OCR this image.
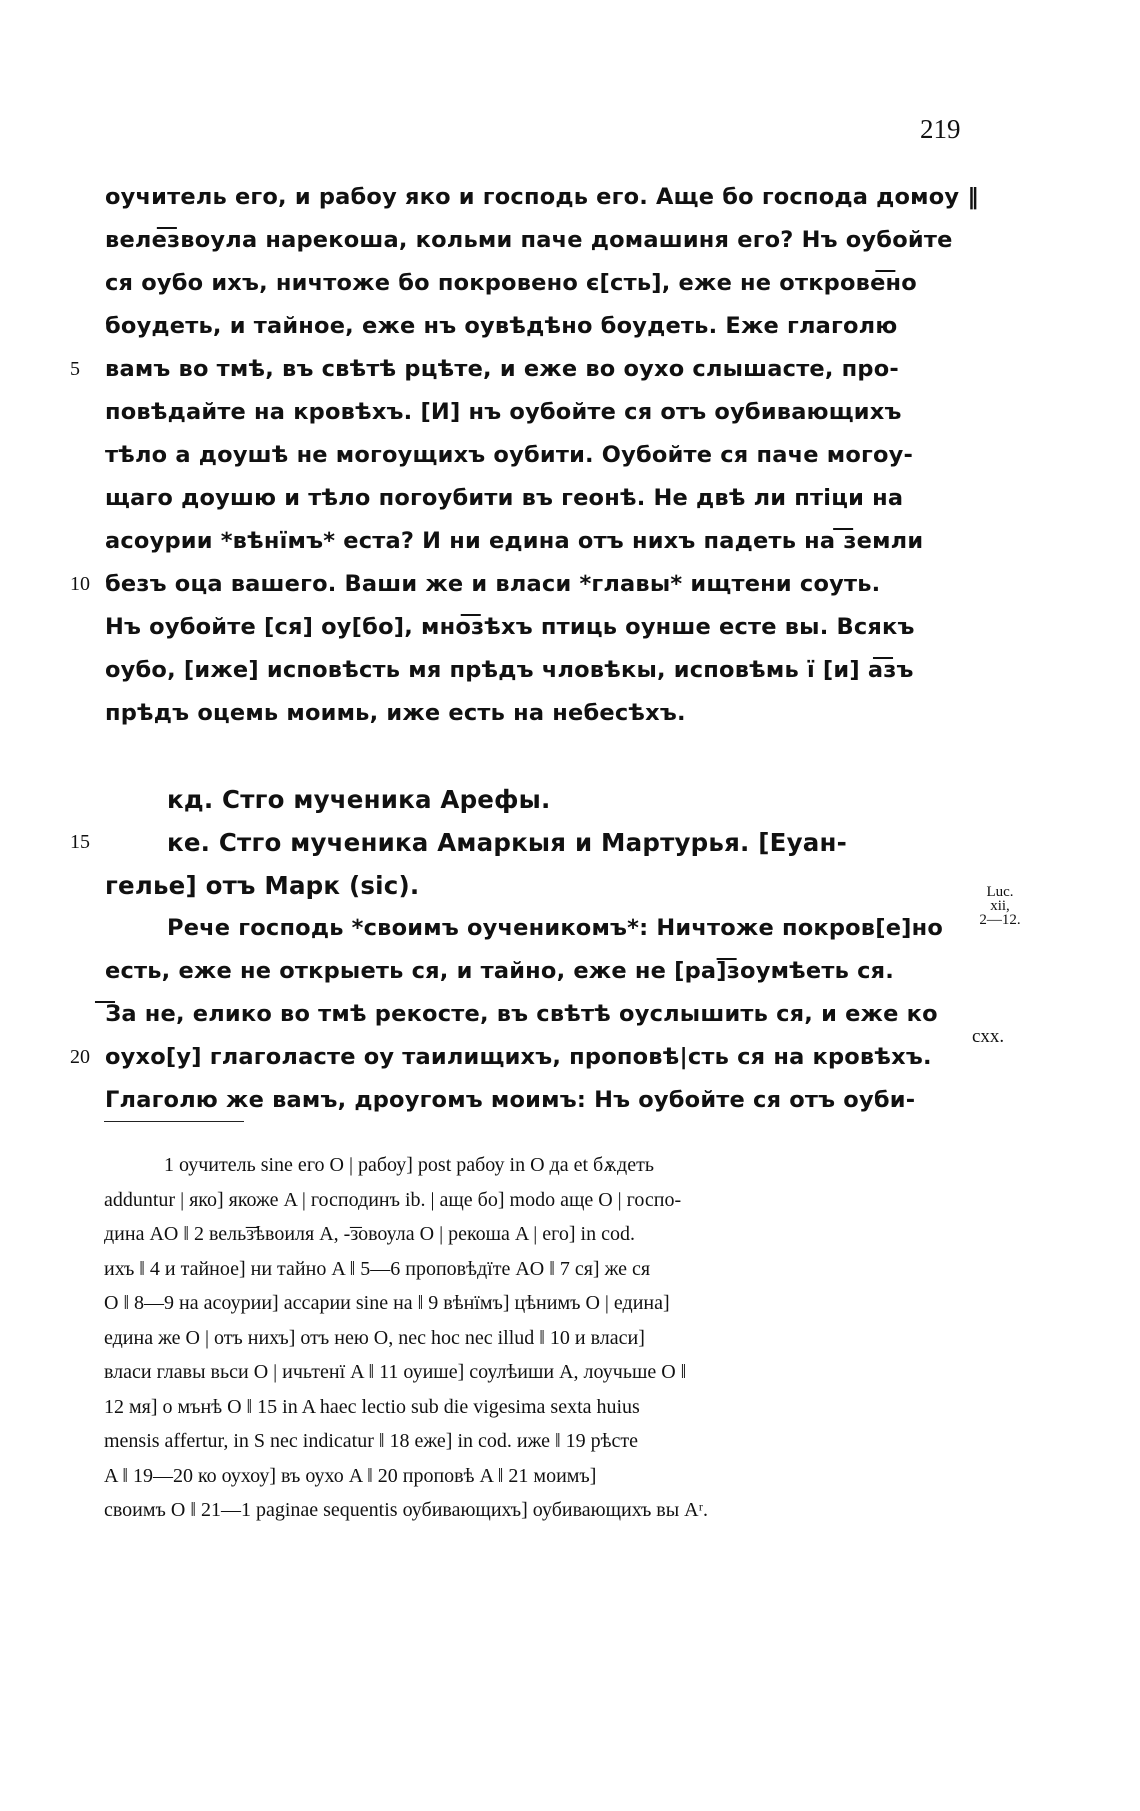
219
оучитель его, и рабоу яко и господь его. Аще бо господа домоу ‖
веле͞звоула нарекоша, кольми паче домашиня его? Нъ оубойте
ся оубо ихъ, ничтоже бо покровено є[сть], еже не открове͞но
боудеть, и тайное, еже нъ оувѣдѣно боудеть. Еже глаголю
вамъ во тмѣ, въ свѣтѣ рцѣте, и еже во оухо слышасте, про-
повѣдайте на кровѣхъ. [И] нъ оубойте ся отъ оубивающихъ
тѣло а доушѣ не могоущихъ оубити. Оубойте ся паче могоу-
щаго доушю и тѣло погоубити въ геонѣ. Не двѣ ли птіци на
асоурии *вѣнїмъ* еста? И ни едина отъ нихъ падеть на ͞земли
безъ оца вашего. Ваши же и власи *главы* ищтени соуть.
Нъ оубойте [ся] оу[бо], мно͞зѣхъ птиць оунше есте вы. Всякъ
оубо, [иже] исповѣсть мя прѣдъ чловѣкы, исповѣмь ї [и] а͞зъ
прѣдъ оцемь моимь, иже есть на небесѣхъ.
кд. Стго мученика Арефы.
ке. Стго мученика Амаркыя и Мартурья. [Еуан-
гелье] отъ Марк (sic).
Рече господь *своимъ оученикомъ*: Ничтоже покров[е]но
есть, еже не открыеть ся, и тайно, еже не [ра]͞зоумѣеть ся.
͞За не, елико во тмѣ рекосте, въ свѣтѣ оуслышить ся, и еже ко
оухо[у] глаголасте оу таилищихъ, проповѣ|сть ся на кровѣхъ.
Глаголю же вамъ, дроугомъ моимъ: Нъ оубойте ся отъ оуби-
5
10
15
20
Luc.
xii,
2—12.
cxx.
1 оучитель sine его O | рабоу] post рабоу in O да et бѫдеть
adduntur | яко] якоже A | господинъ ib. | аще бо] modo аще O | госпо-
дина AO ‖ 2 вель͞зѣвоиля A, -͞зовоула O | рекоша A | его] in cod.
ихъ ‖ 4 и тайное] ни тайно A ‖ 5—6 проповѣдїте AO ‖ 7 ся] же ся
O ‖ 8—9 на асоурии] ассарии sine на ‖ 9 вѣнїмъ] цѣнимъ O | едина]
едина же O | отъ нихъ] отъ нею O, nec hoc nec illud ‖ 10 и власи]
власи главы вьси O | ичьтенї A ‖ 11 оуише] соулѣиши A, лоучьше O ‖
12 мя] о мънѣ O ‖ 15 in A haec lectio sub die vigesima sexta huius
mensis affertur, in S nec indicatur ‖ 18 еже] in cod. иже ‖ 19 рѣсте
A ‖ 19—20 ко оухоу] въ оухо A ‖ 20 проповѣ A ‖ 21 моимъ]
своимъ O ‖ 21—1 paginae sequentis оубивающихъ] оубивающихъ вы Aʳ.
